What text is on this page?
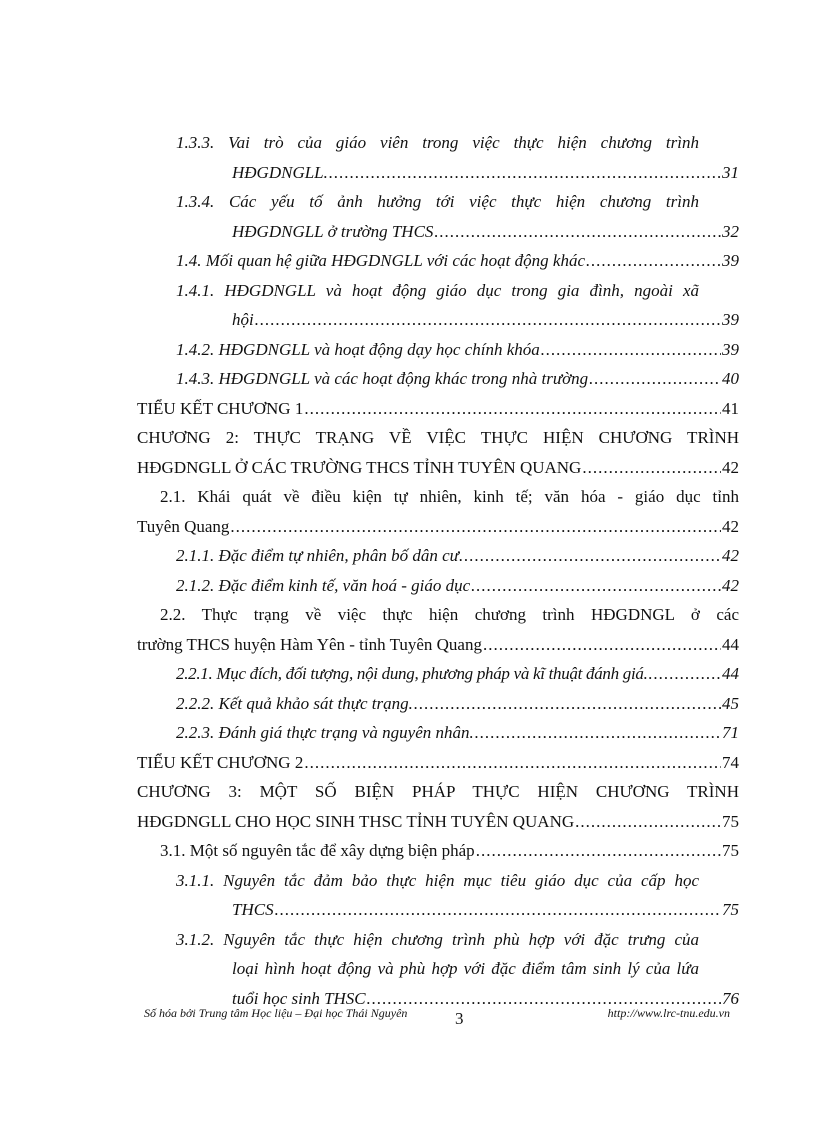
1.3.3. Vai trò của giáo viên trong việc thực hiện chương trình
HĐGDNGLL. .....	31
1.3.4. Các yếu tố ảnh hưởng tới việc thực hiện chương trình
HĐGDNGLL ở trường THCS .....	32
1.4. Mối quan hệ giữa HĐGDNGLL với các hoạt động khác .....	39
1.4.1. HĐGDNGLL và hoạt động giáo dục trong gia đình, ngoài xã
hội .....	39
1.4.2. HĐGDNGLL và hoạt động dạy học chính khóa .....	39
1.4.3. HĐGDNGLL và các hoạt động khác trong nhà trường .....	40
TIỂU KẾT CHƯƠNG 1 .....	41
CHƯƠNG 2: THỰC TRẠNG VỀ VIỆC THỰC HIỆN CHƯƠNG TRÌNH
HĐGDNGLL Ở CÁC TRƯỜNG THCS TỈNH TUYÊN QUANG .....	42
2.1. Khái quát về điều kiện tự nhiên, kinh tế; văn hóa - giáo dục tỉnh
Tuyên Quang .....	42
2.1.1. Đặc điểm tự nhiên, phân bố dân cư. .....	42
2.1.2. Đặc điểm kinh tế, văn hoá - giáo dục .....	42
2.2. Thực trạng về việc thực hiện chương trình HĐGDNGL ở các
trường THCS huyện Hàm Yên - tỉnh Tuyên Quang .....	44
2.2.1. Mục đích, đối tượng, nội dung, phương pháp và kĩ thuật đánh giá. .....	44
2.2.2. Kết quả khảo sát thực trạng. .....	45
2.2.3. Đánh giá thực trạng và nguyên nhân. .....	71
TIỂU KẾT CHƯƠNG 2 .....	74
CHƯƠNG 3: MỘT SỐ BIỆN PHÁP THỰC HIỆN CHƯƠNG TRÌNH
HĐGDNGLL CHO HỌC SINH THSC TỈNH TUYÊN QUANG .....	75
3.1. Một số nguyên tắc để xây dựng biện pháp .....	75
3.1.1. Nguyên tắc đảm bảo thực hiện mục tiêu giáo dục của cấp học
THCS .....	75
3.1.2. Nguyên tắc thực hiện chương trình phù hợp với đặc trưng của
loại hình hoạt động và phù hợp với đặc điểm tâm sinh lý của lứa
tuổi học sinh THSC .....	76
Số hóa bởi Trung tâm Học liệu – Đại học Thái Nguyên	3	http://www.lrc-tnu.edu.vn
